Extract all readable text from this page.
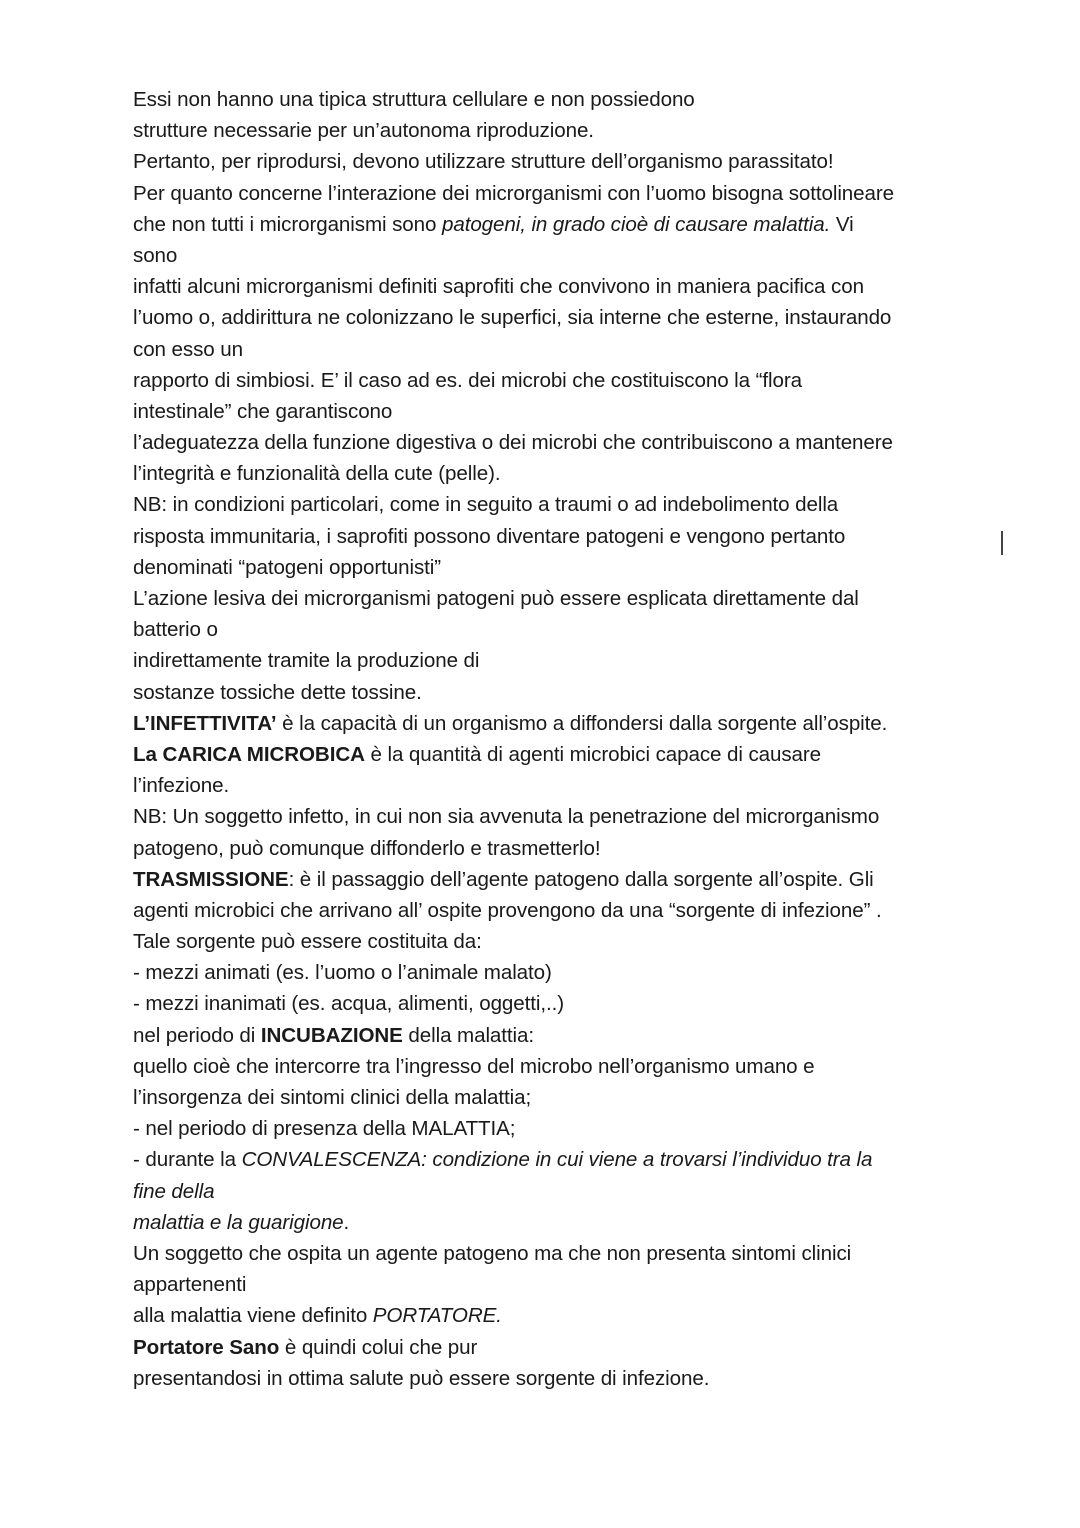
Essi non hanno una tipica struttura cellulare e non possiedono
strutture necessarie per un’autonoma riproduzione.
Pertanto, per riprodursi, devono utilizzare strutture dell’organismo parassitato!
Per quanto concerne l’interazione dei microrganismi con l’uomo bisogna sottolineare
che non tutti i microrganismi sono patogeni, in grado cioè di causare malattia. Vi
sono
infatti alcuni microrganismi definiti saprofiti che convivono in maniera pacifica con
l’uomo o, addirittura ne colonizzano le superfici, sia interne che esterne, instaurando
con esso un
rapporto di simbiosi. E’ il caso ad es. dei microbi che costituiscono la “flora
intestinale” che garantiscono
l’adeguatezza della funzione digestiva o dei microbi che contribuiscono a mantenere
l’integrità e funzionalità della cute (pelle).
NB: in condizioni particolari, come in seguito a traumi o ad indebolimento della
risposta immunitaria, i saprofiti possono diventare patogeni e vengono pertanto
denominati “patogeni opportunisti”
L’azione lesiva dei microrganismi patogeni può essere esplicata direttamente dal
batterio o
indirettamente tramite la produzione di
sostanze tossiche dette tossine.
L’INFETTIVITA’ è la capacità di un organismo a diffondersi dalla sorgente all’ospite.
La CARICA MICROBICA è la quantità di agenti microbici capace di causare
l’infezione.
NB: Un soggetto infetto, in cui non sia avvenuta la penetrazione del microrganismo
patogeno, può comunque diffonderlo e trasmetterlo!
TRASMISSIONE: è il passaggio dell’agente patogeno dalla sorgente all’ospite. Gli
agenti microbici che arrivano all’ ospite provengono da una “sorgente di infezione” .
Tale sorgente può essere costituita da:
- mezzi animati (es. l’uomo o l’animale malato)
- mezzi inanimati (es. acqua, alimenti, oggetti,..)
nel periodo di INCUBAZIONE della malattia:
quello cioè che intercorre tra l’ingresso del microbo nell’organismo umano e
l’insorgenza dei sintomi clinici della malattia;
- nel periodo di presenza della MALATTIA;
- durante la CONVALESCENZA: condizione in cui viene a trovarsi l’individuo tra la
fine della
malattia e la guarigione.
Un soggetto che ospita un agente patogeno ma che non presenta sintomi clinici
appartenenti
alla malattia viene definito PORTATORE.
Portatore Sano è quindi colui che pur
presentandosi in ottima salute può essere sorgente di infezione.
